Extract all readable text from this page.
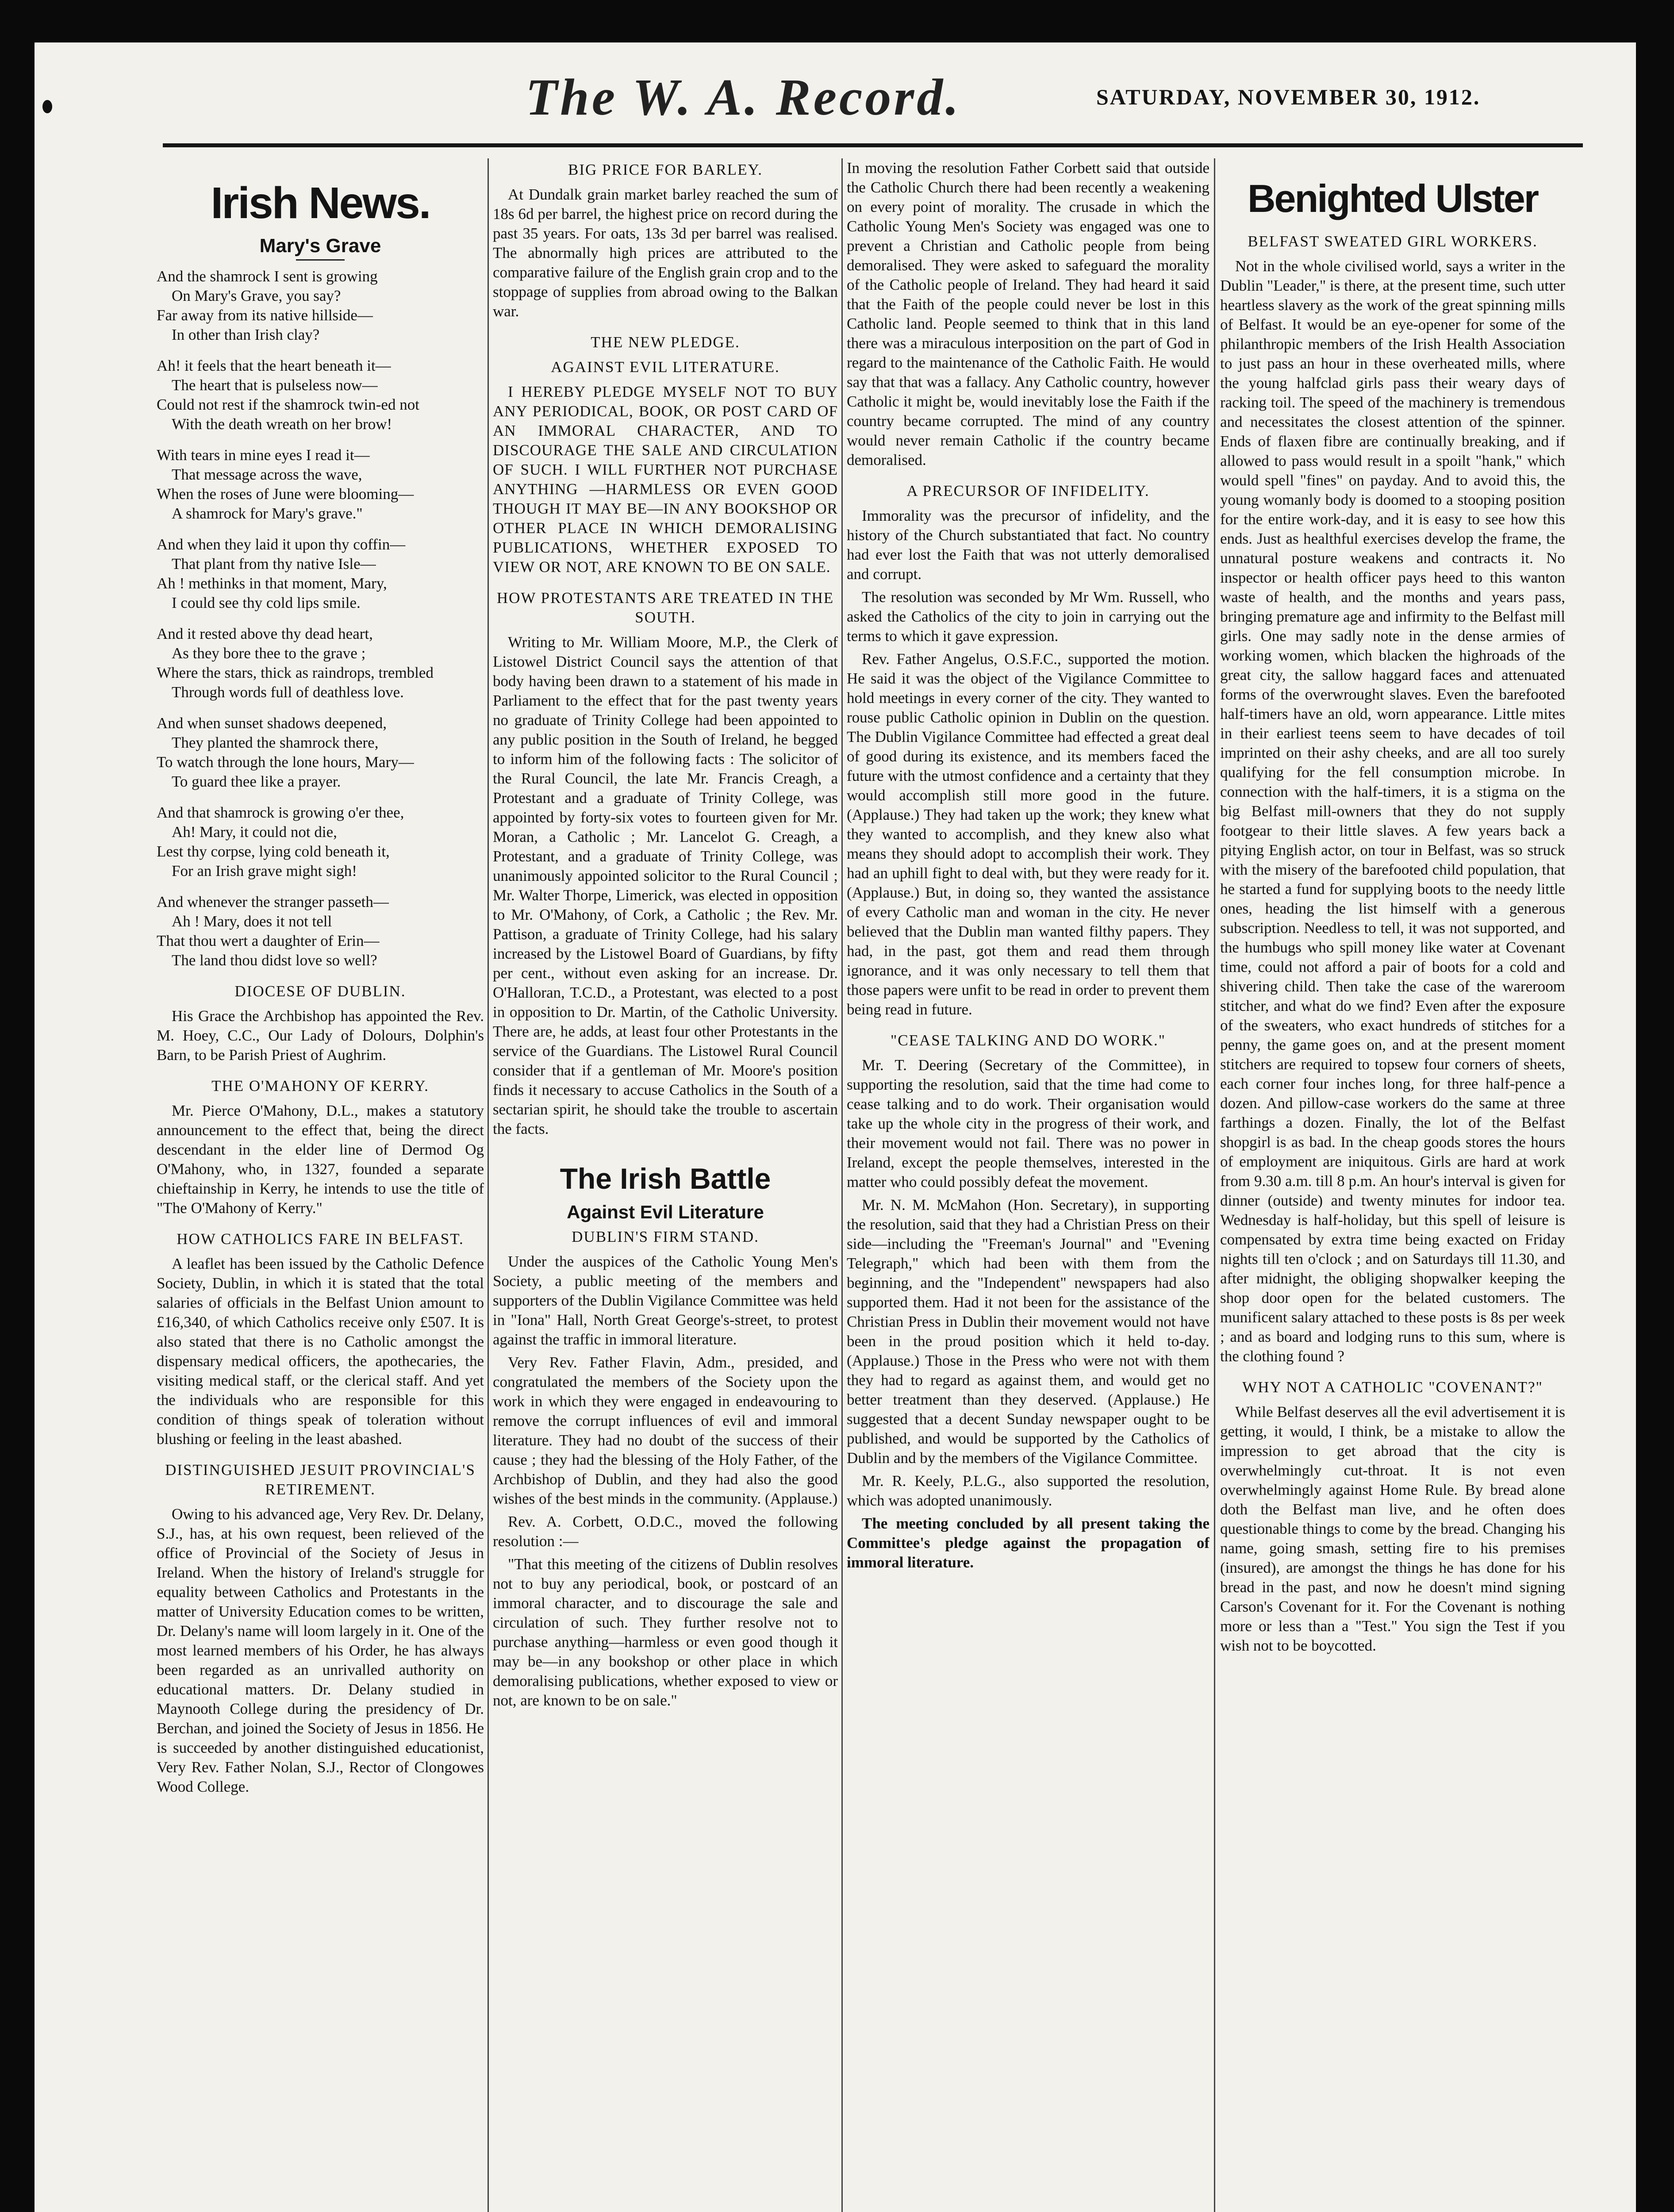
The W. A. Record.	SATURDAY, NOVEMBER 30, 1912.
Irish News.
Mary's Grave
And the shamrock I sent is growing
On Mary's Grave, you say?
Far away from its native hillside—
In other than Irish clay?
Ah! it feels that the heart beneath it—
The heart that is pulseless now—
Could not rest if the shamrock twin-ed not
With the death wreath on her brow!
With tears in mine eyes I read it—
That message across the wave,
When the roses of June were blooming—
A shamrock for Mary's grave."
And when they laid it upon thy coffin—
That plant from thy native Isle—
Ah ! methinks in that moment, Mary,
I could see thy cold lips smile.
And it rested above thy dead heart,
As they bore thee to the grave ;
Where the stars, thick as raindrops, trembled
Through words full of deathless love.
And when sunset shadows deepened,
They planted the shamrock there,
To watch through the lone hours, Mary—
To guard thee like a prayer.
And that shamrock is growing o'er thee,
Ah! Mary, it could not die,
Lest thy corpse, lying cold beneath it,
For an Irish grave might sigh!
And whenever the stranger passeth—
Ah ! Mary, does it not tell
That thou wert a daughter of Erin—
The land thou didst love so well?
DIOCESE OF DUBLIN.

His Grace the Archbishop has appointed the Rev. M. Hoey, C.C., Our Lady of Dolours, Dolphin's Barn, to be Parish Priest of Aughrim.

THE O'MAHONY OF KERRY.

Mr. Pierce O'Mahony, D.L., makes a statutory announcement to the effect that, being the direct descendant in the elder line of Dermod Og O'Mahony, who, in 1327, founded a separate chieftainship in Kerry, he intends to use the title of "The O'Mahony of Kerry."

HOW CATHOLICS FARE IN BELFAST.

A leaflet has been issued by the Catholic Defence Society, Dublin, in which it is stated that the total salaries of officials in the Belfast Union amount to £16,340, of which Catholics receive only £507. It is also stated that there is no Catholic amongst the dispensary medical officers, the apothecaries, the visiting medical staff, or the clerical staff. And yet the individuals who are responsible for this condition of things speak of toleration without blushing or feeling in the least abashed.

DISTINGUISHED JESUIT PROVINCIAL'S RETIREMENT.

Owing to his advanced age, Very Rev. Dr. Delany, S.J., has, at his own request, been relieved of the office of Provincial of the Society of Jesus in Ireland. When the history of Ireland's struggle for equality between Catholics and Protestants in the matter of University Education comes to be written, Dr. Delany's name will loom largely in it. One of the most learned members of his Order, he has always been regarded as an unrivalled authority on educational matters. Dr. Delany studied in Maynooth College during the presidency of Dr. Berchan, and joined the Society of Jesus in 1856. He is succeeded by another distinguished educationist, Very Rev. Father Nolan, S.J., Rector of Clongowes Wood College.

BIG PRICE FOR BARLEY.

At Dundalk grain market barley reached the sum of 18s 6d per barrel, the highest price on record during the past 35 years. For oats, 13s 3d per barrel was realised. The abnormally high prices are attributed to the comparative failure of the English grain crop and to the stoppage of supplies from abroad owing to the Balkan war.

THE NEW PLEDGE.
AGAINST EVIL LITERATURE.

I HEREBY PLEDGE MYSELF NOT TO BUY ANY PERIODICAL, BOOK, OR POST CARD OF AN IMMORAL CHARACTER, AND TO DISCOURAGE THE SALE AND CIRCULATION OF SUCH. I WILL FURTHER NOT PURCHASE ANYTHING —HARMLESS OR EVEN GOOD THOUGH IT MAY BE—IN ANY BOOKSHOP OR OTHER PLACE IN WHICH DEMORALISING PUBLICATIONS, WHETHER EXPOSED TO VIEW OR NOT, ARE KNOWN TO BE ON SALE.

HOW PROTESTANTS ARE TREATED IN THE SOUTH.

Writing to Mr. William Moore, M.P., the Clerk of Listowel District Council says the attention of that body having been drawn to a statement of his made in Parliament to the effect that for the past twenty years no graduate of Trinity College had been appointed to any public position in the South of Ireland, he begged to inform him of the following facts : The solicitor of the Rural Council, the late Mr. Francis Creagh, a Protestant and a graduate of Trinity College, was appointed by forty-six votes to fourteen given for Mr. Moran, a Catholic ; Mr. Lancelot G. Creagh, a Protestant, and a graduate of Trinity College, was unanimously appointed solicitor to the Rural Council ; Mr. Walter Thorpe, Limerick, was elected in opposition to Mr. O'Mahony, of Cork, a Catholic ; the Rev. Mr. Pattison, a graduate of Trinity College, had his salary increased by the Listowel Board of Guardians, by fifty per cent., without even asking for an increase. Dr. O'Halloran, T.C.D., a Protestant, was elected to a post in opposition to Dr. Martin, of the Catholic University. There are, he adds, at least four other Protestants in the service of the Guardians. The Listowel Rural Council consider that if a gentleman of Mr. Moore's position finds it necessary to accuse Catholics in the South of a sectarian spirit, he should take the trouble to ascertain the facts.

The Irish Battle
Against Evil Literature
DUBLIN'S FIRM STAND.

Under the auspices of the Catholic Young Men's Society, a public meeting of the members and supporters of the Dublin Vigilance Committee was held in "Iona" Hall, North Great George's-street, to protest against the traffic in immoral literature.

Very Rev. Father Flavin, Adm., presided, and congratulated the members of the Society upon the work in which they were engaged in endeavouring to remove the corrupt influences of evil and immoral literature. They had no doubt of the success of their cause ; they had the blessing of the Holy Father, of the Archbishop of Dublin, and they had also the good wishes of the best minds in the community. (Applause.)

Rev. A. Corbett, O.D.C., moved the following resolution :—

"That this meeting of the citizens of Dublin resolves not to buy any periodical, book, or postcard of an immoral character, and to discourage the sale and circulation of such. They further resolve not to purchase anything—harmless or even good though it may be—in any bookshop or other place in which demoralising publications, whether exposed to view or not, are known to be on sale."

In moving the resolution Father Corbett said that outside the Catholic Church there had been recently a weakening on every point of morality. The crusade in which the Catholic Young Men's Society was engaged was one to prevent a Christian and Catholic people from being demoralised. They were asked to safeguard the morality of the Catholic people of Ireland. They had heard it said that the Faith of the people could never be lost in this Catholic land. People seemed to think that in this land there was a miraculous interposition on the part of God in regard to the maintenance of the Catholic Faith. He would say that that was a fallacy. Any Catholic country, however Catholic it might be, would inevitably lose the Faith if the country became corrupted. The mind of any country would never remain Catholic if the country became demoralised.

A PRECURSOR OF INFIDELITY.

Immorality was the precursor of infidelity, and the history of the Church substantiated that fact. No country had ever lost the Faith that was not utterly demoralised and corrupt.

The resolution was seconded by Mr Wm. Russell, who asked the Catholics of the city to join in carrying out the terms to which it gave expression.

Rev. Father Angelus, O.S.F.C., supported the motion. He said it was the object of the Vigilance Committee to hold meetings in every corner of the city. They wanted to rouse public Catholic opinion in Dublin on the question. The Dublin Vigilance Committee had effected a great deal of good during its existence, and its members faced the future with the utmost confidence and a certainty that they would accomplish still more good in the future. (Applause.) They had taken up the work; they knew what they wanted to accomplish, and they knew also what means they should adopt to accomplish their work. They had an uphill fight to deal with, but they were ready for it. (Applause.) But, in doing so, they wanted the assistance of every Catholic man and woman in the city. He never believed that the Dublin man wanted filthy papers. They had, in the past, got them and read them through ignorance, and it was only necessary to tell them that those papers were unfit to be read in order to prevent them being read in future.

"CEASE TALKING AND DO WORK."

Mr. T. Deering (Secretary of the Committee), in supporting the resolution, said that the time had come to cease talking and to do work. Their organisation would take up the whole city in the progress of their work, and their movement would not fail. There was no power in Ireland, except the people themselves, interested in the matter who could possibly defeat the movement.

Mr. N. M. McMahon (Hon. Secretary), in supporting the resolution, said that they had a Christian Press on their side—including the "Freeman's Journal" and "Evening Telegraph," which had been with them from the beginning, and the "Independent" newspapers had also supported them. Had it not been for the assistance of the Christian Press in Dublin their movement would not have been in the proud position which it held to-day. (Applause.) Those in the Press who were not with them they had to regard as against them, and would get no better treatment than they deserved. (Applause.) He suggested that a decent Sunday newspaper ought to be published, and would be supported by the Catholics of Dublin and by the members of the Vigilance Committee.

Mr. R. Keely, P.L.G., also supported the resolution, which was adopted unanimously.

The meeting concluded by all present taking the Committee's pledge against the propagation of immoral literature.

Benighted Ulster
BELFAST SWEATED GIRL WORKERS.

Not in the whole civilised world, says a writer in the Dublin "Leader," is there, at the present time, such utter heartless slavery as the work of the great spinning mills of Belfast. It would be an eye-opener for some of the philanthropic members of the Irish Health Association to just pass an hour in these overheated mills, where the young halfclad girls pass their weary days of racking toil. The speed of the machinery is tremendous and necessitates the closest attention of the spinner. Ends of flaxen fibre are continually breaking, and if allowed to pass would result in a spoilt "hank," which would spell "fines" on payday. And to avoid this, the young womanly body is doomed to a stooping position for the entire work-day, and it is easy to see how this ends. Just as healthful exercises develop the frame, the unnatural posture weakens and contracts it. No inspector or health officer pays heed to this wanton waste of health, and the months and years pass, bringing premature age and infirmity to the Belfast mill girls. One may sadly note in the dense armies of working women, which blacken the highroads of the great city, the sallow haggard faces and attenuated forms of the overwrought slaves. Even the barefooted half-timers have an old, worn appearance. Little mites in their earliest teens seem to have decades of toil imprinted on their ashy cheeks, and are all too surely qualifying for the fell consumption microbe. In connection with the half-timers, it is a stigma on the big Belfast mill-owners that they do not supply footgear to their little slaves. A few years back a pitying English actor, on tour in Belfast, was so struck with the misery of the barefooted child population, that he started a fund for supplying boots to the needy little ones, heading the list himself with a generous subscription. Needless to tell, it was not supported, and the humbugs who spill money like water at Covenant time, could not afford a pair of boots for a cold and shivering child. Then take the case of the wareroom stitcher, and what do we find? Even after the exposure of the sweaters, who exact hundreds of stitches for a penny, the game goes on, and at the present moment stitchers are required to topsew four corners of sheets, each corner four inches long, for three half-pence a dozen. And pillow-case workers do the same at three farthings a dozen. Finally, the lot of the Belfast shopgirl is as bad. In the cheap goods stores the hours of employment are iniquitous. Girls are hard at work from 9.30 a.m. till 8 p.m. An hour's interval is given for dinner (outside) and twenty minutes for indoor tea. Wednesday is half-holiday, but this spell of leisure is compensated by extra time being exacted on Friday nights till ten o'clock ; and on Saturdays till 11.30, and after midnight, the obliging shopwalker keeping the shop door open for the belated customers. The munificent salary attached to these posts is 8s per week ; and as board and lodging runs to this sum, where is the clothing found ?

WHY NOT A CATHOLIC "COVENANT?"

While Belfast deserves all the evil advertisement it is getting, it would, I think, be a mistake to allow the impression to get abroad that the city is overwhelmingly cut-throat. It is not even overwhelmingly against Home Rule. By bread alone doth the Belfast man live, and he often does questionable things to come by the bread. Changing his name, going smash, setting fire to his premises (insured), are amongst the things he has done for his bread in the past, and now he doesn't mind signing Carson's Covenant for it. For the Covenant is nothing more or less than a "Test." You sign the Test if you wish not to be boycotted.
